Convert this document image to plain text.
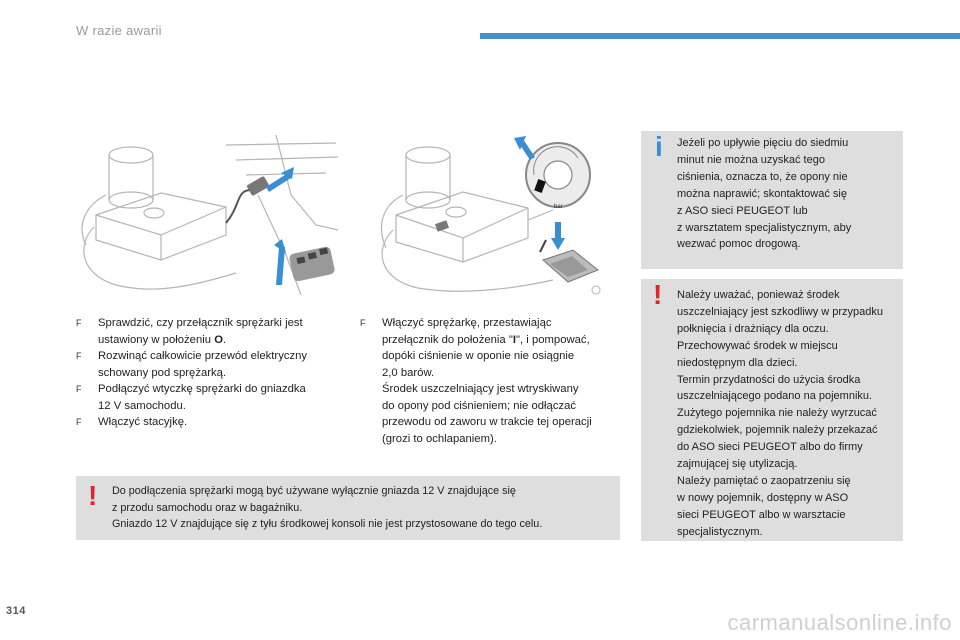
W razie awarii
bar
F Sprawdzić, czy przełącznik sprężarki jest
ustawiony w położeniu O.
F Rozwinąć całkowicie przewód elektryczny
schowany pod sprężarką.
F Podłączyć wtyczkę sprężarki do gniazdka
12 V samochodu.
F Włączyć stacyjkę.
F Włączyć sprężarkę, przestawiając
przełącznik do położenia "I", i pompować,
dopóki ciśnienie w oponie nie osiągnie
2,0 barów.
Środek uszczelniający jest wtryskiwany
do opony pod ciśnieniem; nie odłączać
przewodu od zaworu w trakcie tej operacji
(grozi to ochlapaniem).
i Jeżeli po upływie pięciu do siedmiu
minut nie można uzyskać tego
ciśnienia, oznacza to, że opony nie
można naprawić; skontaktować się
z ASO sieci PEUGEOT lub
z warsztatem specjalistycznym, aby
wezwać pomoc drogową.
! Należy uważać, ponieważ środek
uszczelniający jest szkodliwy w przypadku
połknięcia i drażniący dla oczu.
Przechowywać środek w miejscu
niedostępnym dla dzieci.
Termin przydatności do użycia środka
uszczelniającego podano na pojemniku.
Zużytego pojemnika nie należy wyrzucać
gdziekolwiek, pojemnik należy przekazać
do ASO sieci PEUGEOT albo do firmy
zajmującej się utylizacją.
Należy pamiętać o zaopatrzeniu się
w nowy pojemnik, dostępny w ASO
sieci PEUGEOT albo w warsztacie
specjalistycznym.
! Do podłączenia sprężarki mogą być używane wyłącznie gniazda 12 V znajdujące się
z przodu samochodu oraz w bagażniku.
Gniazdo 12 V znajdujące się z tyłu środkowej konsoli nie jest przystosowane do tego celu.
314	carmanualsonline.info
